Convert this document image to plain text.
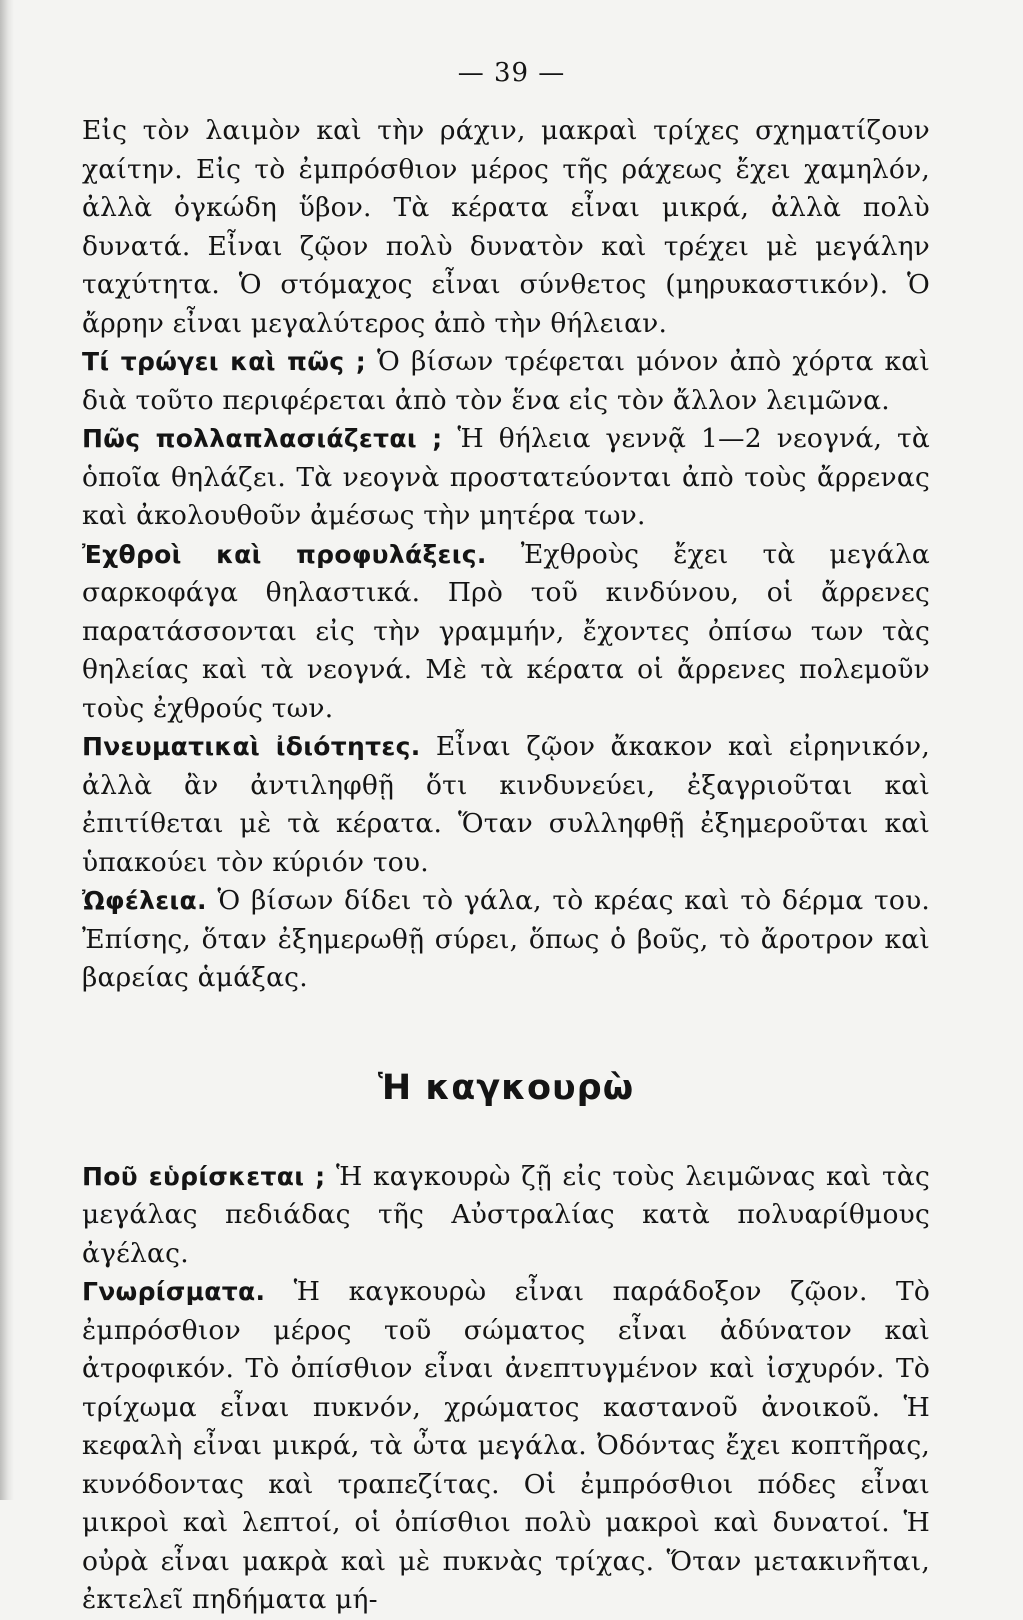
— 39 —

Εἰς τὸν λαιμὸν καὶ τὴν ράχιν, μακραὶ τρίχες σχηματίζουν χαίτην. Εἰς τὸ ἐμπρόσθιον μέρος τῆς ράχεως ἔχει χαμηλόν, ἀλλὰ ὀγκώδη ὕβον. Τὰ κέρατα εἶναι μικρά, ἀλλὰ πολὺ δυνατά. Εἶναι ζῷον πολὺ δυνατὸν καὶ τρέχει μὲ μεγάλην ταχύτητα. Ὁ στόμαχος εἶναι σύνθετος (μηρυκαστικόν). Ὁ ἄρρην εἶναι μεγαλύτερος ἀπὸ τὴν θήλειαν.

Τί τρώγει καὶ πῶς ; Ὁ βίσων τρέφεται μόνον ἀπὸ χόρτα καὶ διὰ τοῦτο περιφέρεται ἀπὸ τὸν ἕνα εἰς τὸν ἄλλον λειμῶνα.

Πῶς πολλαπλασιάζεται ; Ἡ θήλεια γεννᾷ 1—2 νεογνά, τὰ ὁποῖα θηλάζει. Τὰ νεογνὰ προστατεύονται ἀπὸ τοὺς ἄρρενας καὶ ἀκολουθοῦν ἀμέσως τὴν μητέρα των.

Ἐχθροὶ καὶ προφυλάξεις. Ἐχθροὺς ἔχει τὰ μεγάλα σαρκοφάγα θηλαστικά. Πρὸ τοῦ κινδύνου, οἱ ἄρρενες παρατάσσονται εἰς τὴν γραμμήν, ἔχοντες ὀπίσω των τὰς θηλείας καὶ τὰ νεογνά. Μὲ τὰ κέρατα οἱ ἄρρενες πολεμοῦν τοὺς ἐχθρούς των.

Πνευματικαὶ ἰδιότητες. Εἶναι ζῷον ἄκακον καὶ εἰρηνικόν, ἀλλὰ ἂν ἀντιληφθῇ ὅτι κινδυνεύει, ἐξαγριοῦται καὶ ἐπιτίθεται μὲ τὰ κέρατα. Ὅταν συλληφθῇ ἐξημεροῦται καὶ ὑπακούει τὸν κύριόν του.

Ὠφέλεια. Ὁ βίσων δίδει τὸ γάλα, τὸ κρέας καὶ τὸ δέρμα του. Ἐπίσης, ὅταν ἐξημερωθῇ σύρει, ὅπως ὁ βοῦς, τὸ ἄροτρον καὶ βαρείας ἁμάξας.

Ἡ καγκουρὼ

Ποῦ εὑρίσκεται ; Ἡ καγκουρὼ ζῇ εἰς τοὺς λειμῶνας καὶ τὰς μεγάλας πεδιάδας τῆς Αὐστραλίας κατὰ πολυαρίθμους ἀγέλας.

Γνωρίσματα. Ἡ καγκουρὼ εἶναι παράδοξον ζῷον. Τὸ ἐμπρόσθιον μέρος τοῦ σώματος εἶναι ἀδύνατον καὶ ἀτροφικόν. Τὸ ὀπίσθιον εἶναι ἀνεπτυγμένον καὶ ἰσχυρόν. Τὸ τρίχωμα εἶναι πυκνόν, χρώματος καστανοῦ ἀνοικοῦ. Ἡ κεφαλὴ εἶναι μικρά, τὰ ὦτα μεγάλα. Ὀδόντας ἔχει κοπτῆρας, κυνόδοντας καὶ τραπεζίτας. Οἱ ἐμπρόσθιοι πόδες εἶναι μικροὶ καὶ λεπτοί, οἱ ὀπίσθιοι πολὺ μακροὶ καὶ δυνατοί. Ἡ οὐρὰ εἶναι μακρὰ καὶ μὲ πυκνὰς τρίχας. Ὅταν μετακινῆται, ἐκτελεῖ πηδήματα μή-
